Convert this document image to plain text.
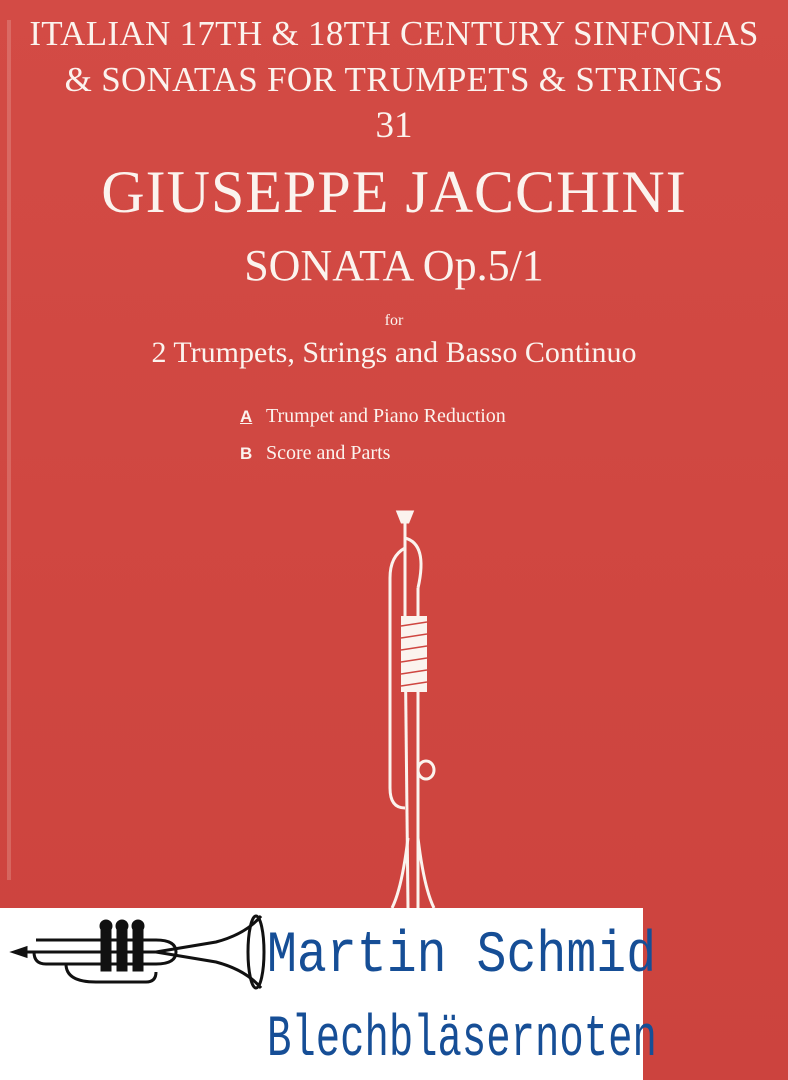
ITALIAN 17TH & 18TH CENTURY SINFONIAS
& SONATAS FOR TRUMPETS & STRINGS
31
GIUSEPPE JACCHINI
SONATA Op.5/1
for
2 Trumpets, Strings and Basso Continuo
A Trumpet and Piano Reduction
B Score and Parts
Martin Schmid
Blechbläsernoten
